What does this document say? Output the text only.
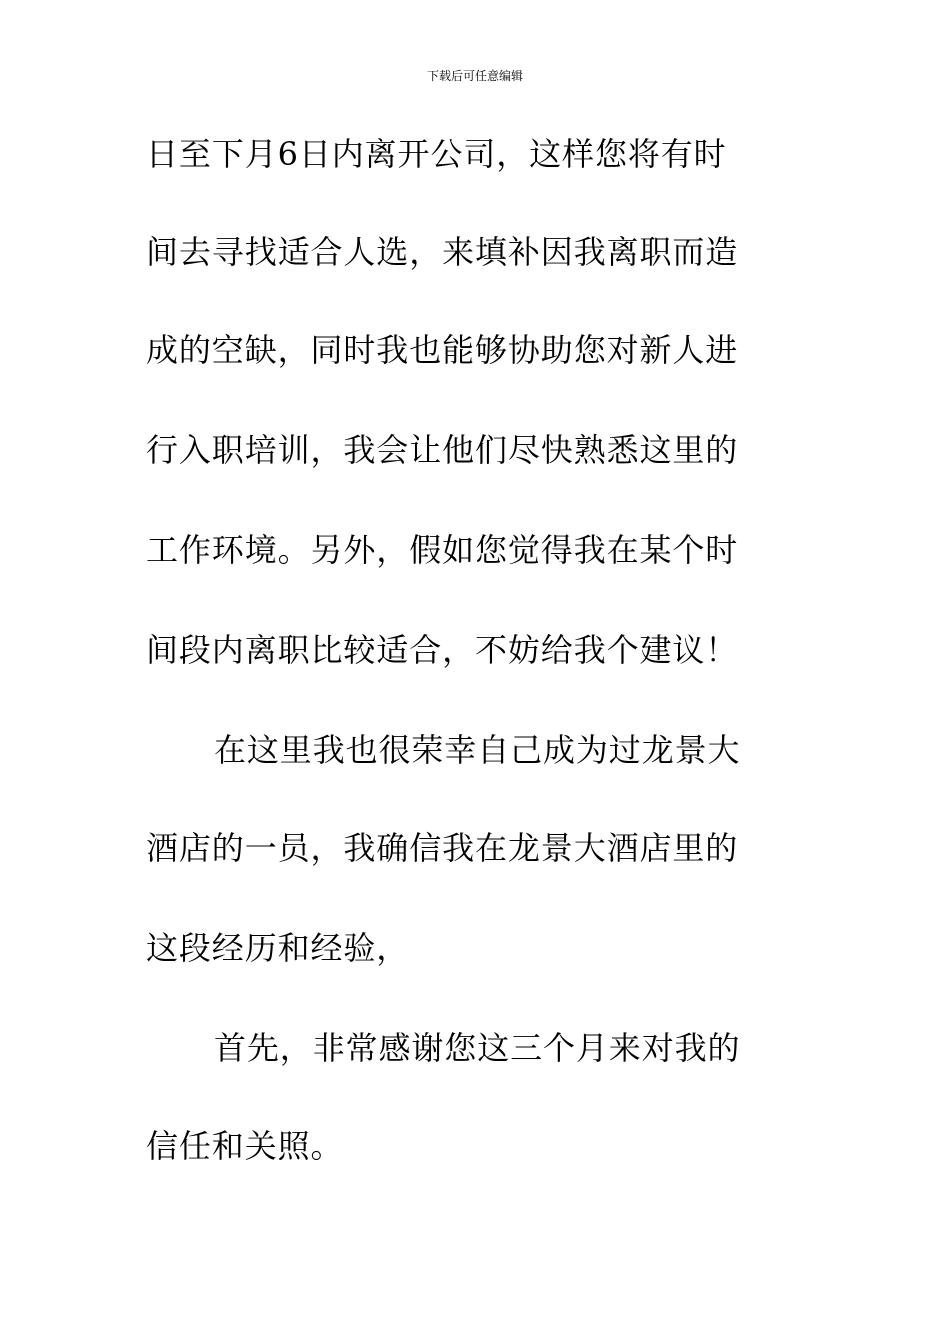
下载后可任意编辑
日至下月6日内离开公司，这样您将有时
间去寻找适合人选，来填补因我离职而造
成的空缺，同时我也能够协助您对新人进
行入职培训，我会让他们尽快熟悉这里的
工作环境。另外，假如您觉得我在某个时
间段内离职比较适合，不妨给我个建议！
在这里我也很荣幸自己成为过龙景大
酒店的一员，我确信我在龙景大酒店里的
这段经历和经验，
首先，非常感谢您这三个月来对我的
信任和关照。
